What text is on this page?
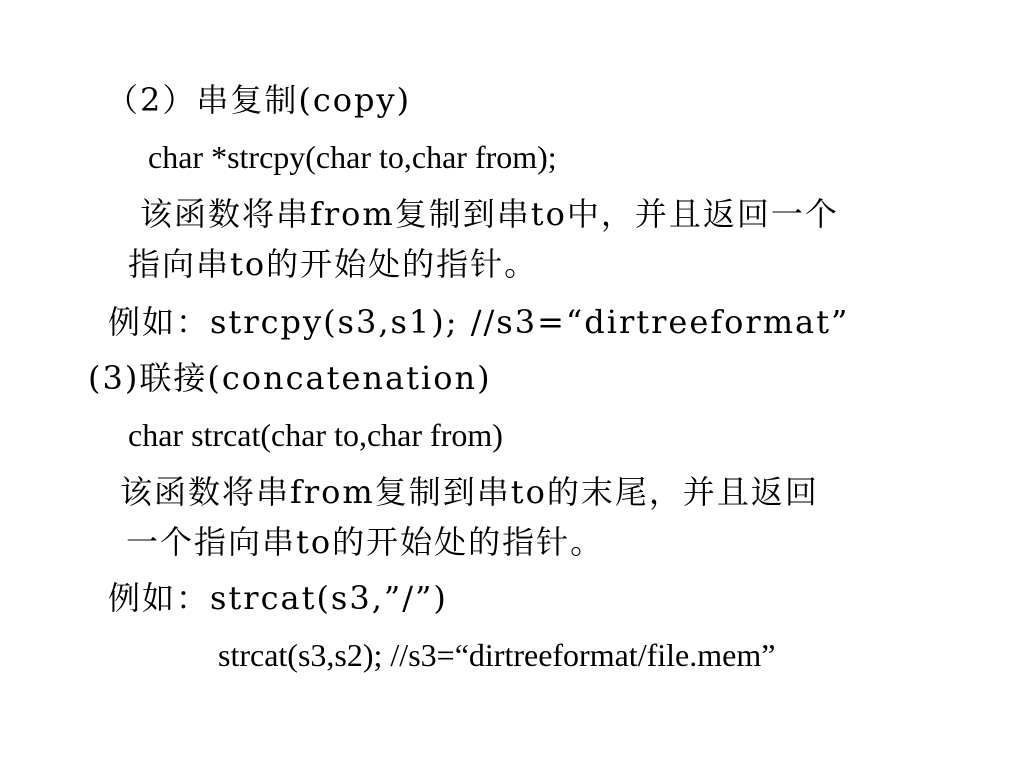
（2）串复制(copy)
char *strcpy(char to,char from);
该函数将串from复制到串to中，并且返回一个
指向串to的开始处的指针。
例如：strcpy(s3,s1); //s3=“dirtreeformat”
(3)联接(concatenation)
char strcat(char to,char from)
该函数将串from复制到串to的末尾，并且返回
一个指向串to的开始处的指针。
例如：strcat(s3,”/”)
strcat(s3,s2); //s3=“dirtreeformat/file.mem”
